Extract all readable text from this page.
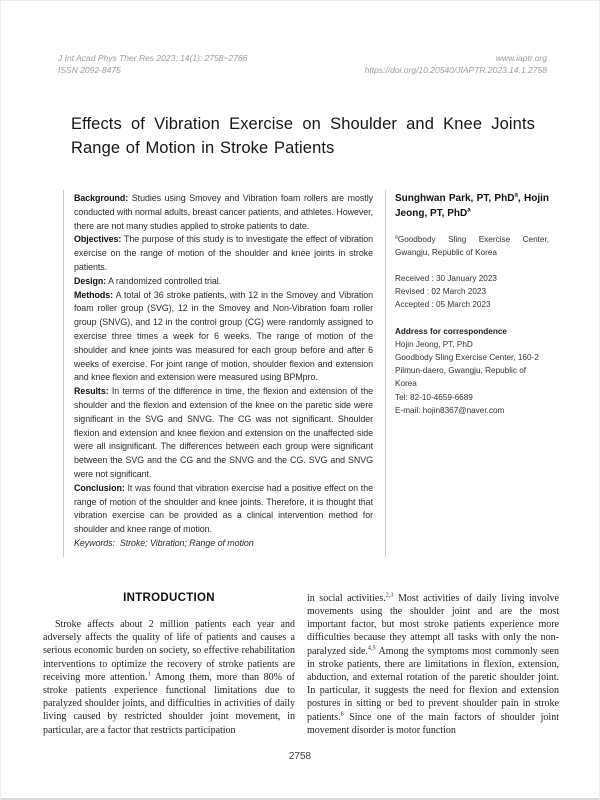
J Int Acad Phys Ther Res 2023; 14(1): 2758~2766
ISSN 2092-8475
www.iaptr.org
https://doi.org/10.20540/JIAPTR.2023.14.1.2758
Effects of Vibration Exercise on Shoulder and Knee Joints
Range of Motion in Stroke Patients

Background: Studies using Smovey and Vibration foam rollers are mostly conducted with normal adults, breast cancer patients, and athletes. However, there are not many studies applied to stroke patients to date.

Objectives: The purpose of this study is to investigate the effect of vibration exercise on the range of motion of the shoulder and knee joints in stroke patients.

Design: A randomized controlled trial.

Methods: A total of 36 stroke patients, with 12 in the Smovey and Vibration foam roller group (SVG), 12 in the Smovey and Non-Vibration foam roller group (SNVG), and 12 in the control group (CG) were randomly assigned to exercise three times a week for 6 weeks. The range of motion of the shoulder and knee joints was measured for each group before and after 6 weeks of exercise. For joint range of motion, shoulder flexion and extension and knee flexion and extension were measured using BPMpro.

Results: In terms of the difference in time, the flexion and extension of the shoulder and the flexion and extension of the knee on the paretic side were significant in the SVG and SNVG. The CG was not significant. Shoulder flexion and extension and knee flexion and extension on the unaffected side were all insignificant. The differences between each group were significant between the SVG and the CG and the SNVG and the CG. SVG and SNVG were not significant.

Conclusion: It was found that vibration exercise had a positive effect on the range of motion of the shoulder and knee joints. Therefore, it is thought that vibration exercise can be provided as a clinical intervention method for shoulder and knee range of motion.

Keywords: Stroke; Vibration; Range of motion

Sunghwan Park, PT, PhD$^a$, Hojin Jeong, PT, PhD$^a$
$^a$Goodbody Sling Exercise Center, Gwangju, Republic of Korea
Received : 30 January 2023
Revised : 02 March 2023
Accepted : 05 March 2023
Address for correspondence
Hojin Jeong, PT, PhD
Goodbody Sling Exercise Center, 160-2 Pilmun-daero, Gwangju, Republic of Korea
Tel: 82-10-4659-6689
E-mail: hojin8367@naver.com
INTRODUCTION

Stroke affects about 2 million patients each year and adversely affects the quality of life of patients and causes a serious economic burden on society, so effective rehabilitation interventions to optimize the recovery of stroke patients are receiving more attention.$^1$ Among them, more than 80% of stroke patients experience functional limitations due to paralyzed shoulder joints, and difficulties in activities of daily living caused by restricted shoulder joint movement, in particular, are a factor that restricts participation

in social activities.$^{2,3}$ Most activities of daily living involve movements using the shoulder joint and are the most important factor, but most stroke patients experience more difficulties because they attempt all tasks with only the non-paralyzed side.$^{4,5}$ Among the symptoms most commonly seen in stroke patients, there are limitations in flexion, extension, abduction, and external rotation of the paretic shoulder joint. In particular, it suggests the need for flexion and extension postures in sitting or bed to prevent shoulder pain in stroke patients.$^6$ Since one of the main factors of shoulder joint movement disorder is motor function

2758
